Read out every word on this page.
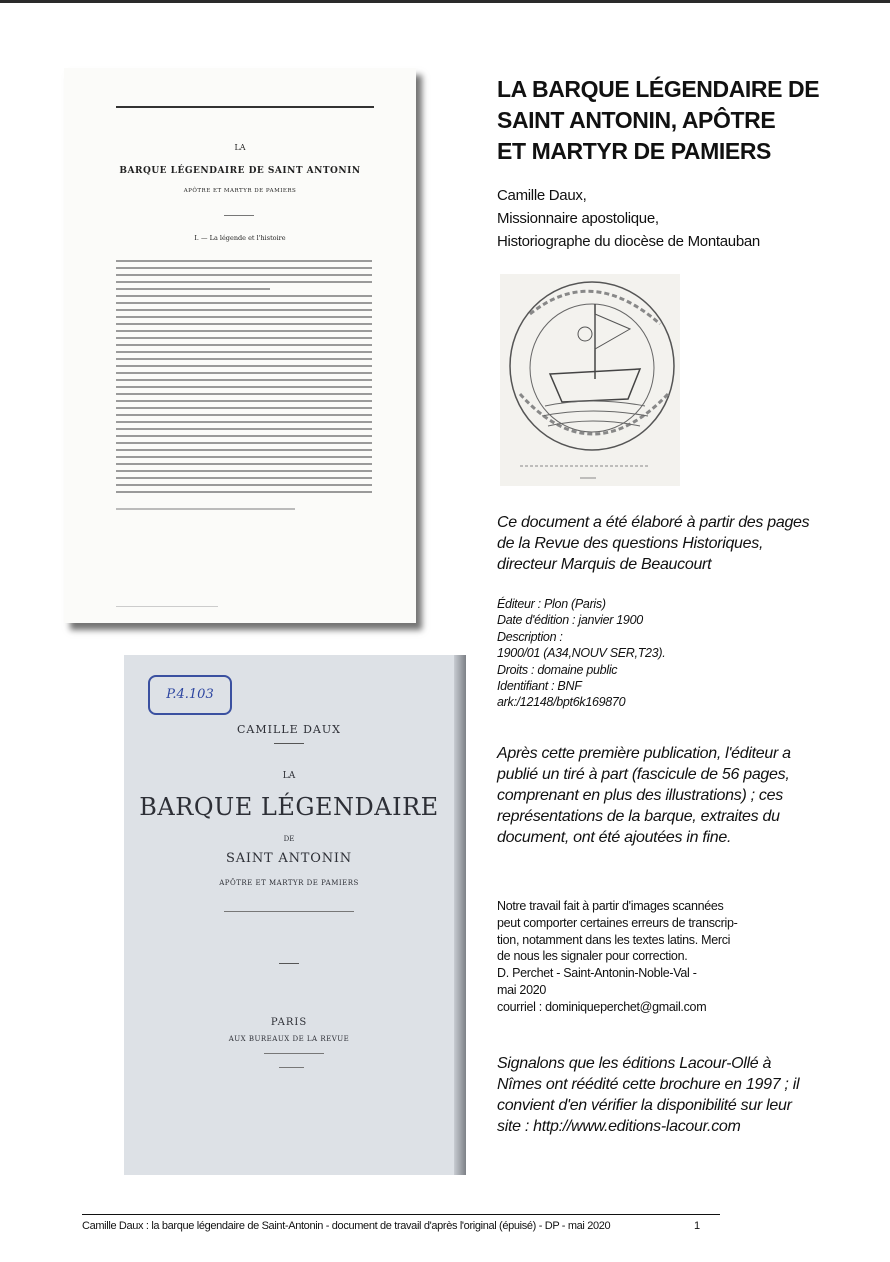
LA
BARQUE LÉGENDAIRE DE SAINT ANTONIN
APÔTRE ET MARTYR DE PAMIERS
I. — La légende et l'histoire
P.4.103
CAMILLE DAUX
LA
BARQUE LÉGENDAIRE
DE
SAINT ANTONIN
APÔTRE ET MARTYR DE PAMIERS
PARIS
AUX BUREAUX DE LA REVUE
LA BARQUE LÉGENDAIRE DE
SAINT ANTONIN, APÔTRE
ET MARTYR DE PAMIERS
Camille Daux,
Missionnaire apostolique,
Historiographe du diocèse de Montauban
Ce document a été élaboré à partir des pages de la Revue des questions Historiques, directeur Marquis de Beaucourt
Éditeur : Plon (Paris)
Date d'édition : janvier 1900
Description :
1900/01 (A34,NOUV SER,T23).
Droits : domaine public
Identifiant : BNF
ark:/12148/bpt6k169870
Après cette première publication, l'éditeur a publié un tiré à part (fascicule de 56 pages, comprenant en plus des illustrations) ; ces représentations de la barque, extraites du document, ont été ajoutées in fine.
Notre travail fait à partir d'images scannées
peut comporter certaines erreurs de transcrip-
tion, notamment dans les textes latins. Merci
de nous les signaler pour correction.
D. Perchet - Saint-Antonin-Noble-Val -
mai 2020
courriel : dominiqueperchet@gmail.com
Signalons que les éditions Lacour-Ollé à Nîmes ont réédité cette brochure en 1997 ; il convient d'en vérifier la disponibilité sur leur site : http://www.editions-lacour.com
Camille Daux : la barque légendaire de Saint-Antonin - document de travail d'après l'original (épuisé) - DP - mai 2020	1
